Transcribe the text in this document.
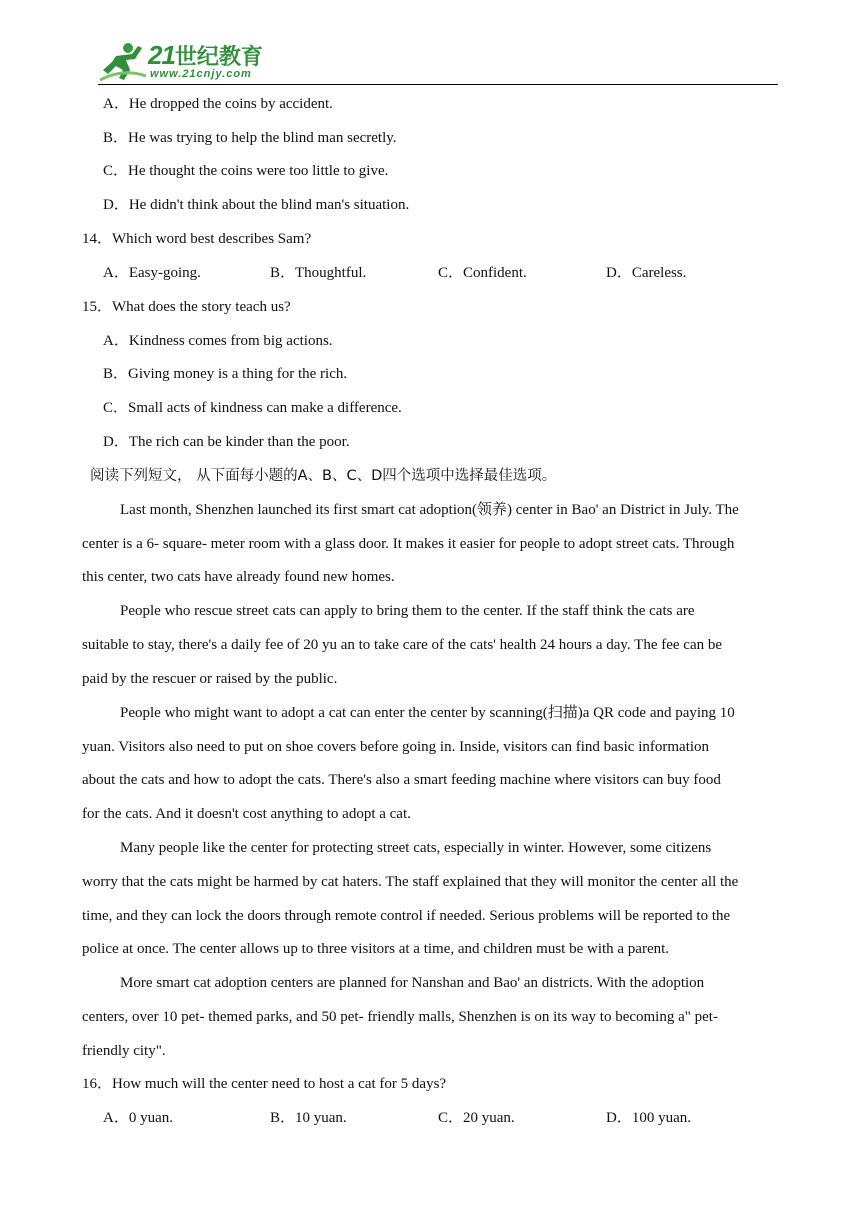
21世纪教育
www.21cnjy.com
A．He dropped the coins by accident.
B．He was trying to help the blind man secretly.
C．He thought the coins were too little to give.
D．He didn't think about the blind man's situation.
14．Which word best describes Sam?
A．Easy-going.	B．Thoughtful.	C．Confident.	D．Careless.
15．What does the story teach us?
A．Kindness comes from big actions.
B．Giving money is a thing for the rich.
C．Small acts of kindness can make a difference.
D．The rich can be kinder than the poor.
阅读下列短文， 从下面每小题的A、B、C、D四个选项中选择最佳选项。
Last month, Shenzhen launched its first smart cat adoption(领养) center in Bao' an District in July. The
center is a 6- square- meter room with a glass door. It makes it easier for people to adopt street cats. Through
this center, two cats have already found new homes.
People who rescue street cats can apply to bring them to the center. If the staff think the cats are
suitable to stay, there's a daily fee of 20 yu an to take care of the cats' health 24 hours a day. The fee can be
paid by the rescuer or raised by the public.
People who might want to adopt a cat can enter the center by scanning(扫描)a QR code and paying 10
yuan. Visitors also need to put on shoe covers before going in. Inside, visitors can find basic information
about the cats and how to adopt the cats. There's also a smart feeding machine where visitors can buy food
for the cats. And it doesn't cost anything to adopt a cat.
Many people like the center for protecting street cats, especially in winter. However, some citizens
worry that the cats might be harmed by cat haters. The staff explained that they will monitor the center all the
time, and they can lock the doors through remote control if needed. Serious problems will be reported to the
police at once. The center allows up to three visitors at a time, and children must be with a parent.
More smart cat adoption centers are planned for Nanshan and Bao' an districts. With the adoption
centers, over 10 pet- themed parks, and 50 pet- friendly malls, Shenzhen is on its way to becoming a" pet-
friendly city".
16．How much will the center need to host a cat for 5 days?
A．0 yuan.	B．10 yuan.	C．20 yuan.	D．100 yuan.
